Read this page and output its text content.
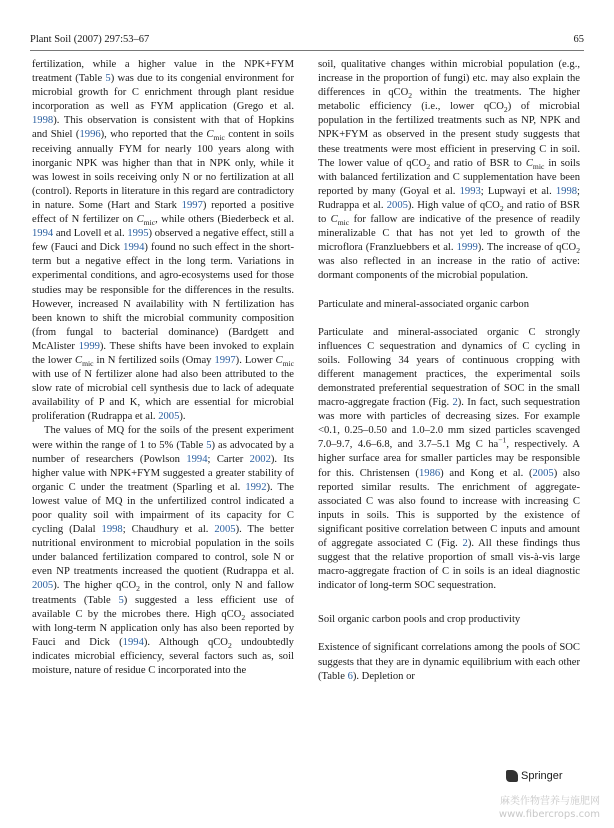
Plant Soil (2007) 297:53–67	65

fertilization, while a higher value in the NPK+FYM treatment (Table 5) was due to its congenial environment for microbial growth for C enrichment through plant residue incorporation as well as FYM application (Grego et al. 1998). This observation is consistent with that of Hopkins and Shiel (1996), who reported that the $C_{mic}$ content in soils receiving annually FYM for nearly 100 years along with inorganic NPK was higher than that in NPK only, while it was lowest in soils receiving only N or no fertilization at all (control). Reports in literature in this regard are contradictory in nature. Some (Hart and Stark 1997) reported a positive effect of N fertilizer on $C_{mic}$, while others (Biederbeck et al. 1994 and Lovell et al. 1995) observed a negative effect, still a few (Fauci and Dick 1994) found no such effect in the short-term but a negative effect in the long term. Variations in experimental conditions, and agro-ecosystems used for those studies may be responsible for the differences in the results. However, increased N availability with N fertilization has been known to shift the microbial community composition (from fungal to bacterial dominance) (Bardgett and McAlister 1999). These shifts have been invoked to explain the lower $C_{mic}$ in N fertilized soils (Omay 1997). Lower $C_{mic}$ with use of N fertilizer alone had also been attributed to the slow rate of microbial cell synthesis due to lack of adequate availability of P and K, which are essential for microbial proliferation (Rudrappa et al. 2005).

The values of MQ for the soils of the present experiment were within the range of 1 to 5% (Table 5) as advocated by a number of researchers (Powlson 1994; Carter 2002). Its higher value with NPK+FYM suggested a greater stability of organic C under the treatment (Sparling et al. 1992). The lowest value of MQ in the unfertilized control indicated a poor quality soil with impairment of its capacity for C cycling (Dalal 1998; Chaudhury et al. 2005). The better nutritional environment to microbial population in the soils under balanced fertilization compared to control, sole N or even NP treatments increased the quotient (Rudrappa et al. 2005). The higher qCO$_2$ in the control, only N and fallow treatments (Table 5) suggested a less efficient use of available C by the microbes there. High qCO$_2$ associated with long-term N application only has also been reported by Fauci and Dick (1994). Although qCO$_2$ undoubtedly indicates microbial efficiency, several factors such as, soil moisture, nature of residue C incorporated into the

soil, qualitative changes within microbial population (e.g., increase in the proportion of fungi) etc. may also explain the differences in qCO$_2$ within the treatments. The higher metabolic efficiency (i.e., lower qCO$_2$) of microbial population in the fertilized treatments such as NP, NPK and NPK+FYM as observed in the present study suggests that these treatments were most efficient in preserving C in soil. The lower value of qCO$_2$ and ratio of BSR to $C_{mic}$ in soils with balanced fertilization and C supplementation have been reported by many (Goyal et al. 1993; Lupwayi et al. 1998; Rudrappa et al. 2005). High value of qCO$_2$ and ratio of BSR to $C_{mic}$ for fallow are indicative of the presence of readily mineralizable C that has not yet led to growth of the microflora (Franzluebbers et al. 1999). The increase of qCO$_2$ was also reflected in an increase in the ratio of active: dormant components of the microbial population.

Particulate and mineral-associated organic carbon

Particulate and mineral-associated organic C strongly influences C sequestration and dynamics of C cycling in soils. Following 34 years of continuous cropping with different management practices, the experimental soils demonstrated preferential sequestration of SOC in the small macro-aggregate fraction (Fig. 2). In fact, such sequestration was more with particles of decreasing sizes. For example <0.1, 0.25–0.50 and 1.0–2.0 mm sized particles scavenged 7.0–9.7, 4.6–6.8, and 3.7–5.1 Mg C $ha^{-1}$, respectively. A higher surface area for smaller particles may be responsible for this. Christensen (1986) and Kong et al. (2005) also reported similar results. The enrichment of aggregate-associated C was also found to increase with increasing C inputs in soils. This is supported by the existence of significant positive correlation between C inputs and amount of aggregate associated C (Fig. 2). All these findings thus suggest that the relative proportion of small vis-à-vis large macro-aggregate fraction of C in soils is an ideal diagnostic indicator of long-term SOC sequestration.

Soil organic carbon pools and crop productivity

Existence of significant correlations among the pools of SOC suggests that they are in dynamic equilibrium with each other (Table 6). Depletion or

Springer
麻类作物营养与施肥网
www.fibercrops.com
